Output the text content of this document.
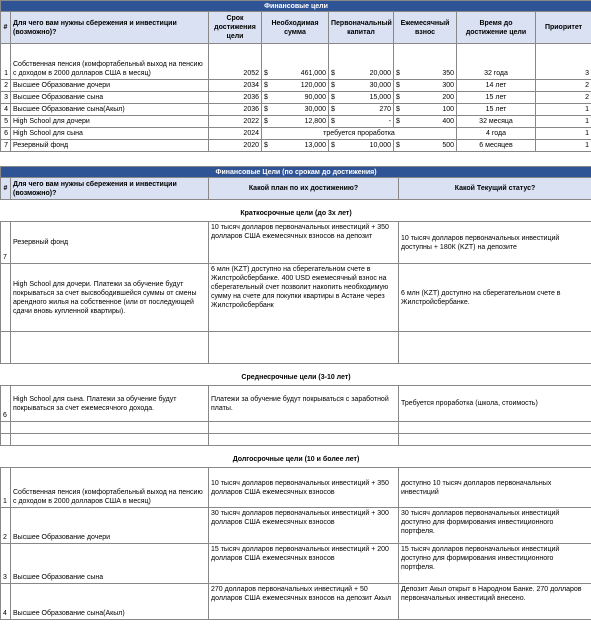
Финансовые цели							
#	Для чего вам нужны сбережения и инвестиции (возможно)?	Срок достижения цели	Необходимая сумма	Первоначальный капитал	Ежемесячный взнос	Время до достижение цели	Приоритет
1	Собственная пенсия (комфортабельный выход на пенсию с доходом в 2000 долларов США в месяц)	2052	$ 461,000	$ 20,000	$ 350	32 года	3
2	Высшее Образование дочери	2034	$ 120,000	$ 30,000	$ 300	14 лет	2
3	Высшее Образование сына	2036	$ 90,000	$ 15,000	$ 200	15 лет	2
4	Высшее Образование сына(Акыл)	2036	$ 30,000	$ 270	$ 100	15 лет	1
5	High School для дочери	2022	$ 12,800	$ -	$ 400	32 месяца	1
6	High School для сына	2024	требуется проработка			4 года	1
7	Резервный фонд	2020	$ 13,000	$ 10,000	$ 500	6 месяцев	1
Финансовые Цели (по срокам до достижения)			
#	Для чего вам нужны сбережения и инвестиции (возможно)?	Какой план по их достижению?	Какой Текущий статус?

Краткосрочные цели (до 3х лет)			
7	Резервный фонд	10 тысяч долларов первоначальных инвестиций + 350 долларов США ежемесячных взносов на депозит	10 тысяч долларов первоначальных инвестиций доступны + 180К (KZT) на депозите
	High School для дочери. Платежи за обучение будут покрываться за счет высвободившейся суммы от смены арендного жилья на собственное (или от последующей сдачи вновь купленной квартиры).	6 млн (KZT) доступно на сберегательном счете в Жилстройсбербанке. 400 USD ежемесячный взнос на сберегательный счет позволит накопить необходимую сумму на счете для покупки квартиры в Астане через Жилстройсбербанк	6 млн (KZT) доступно на сберегательном счете в Жилстройсбербанке.

Среднесрочные цели (3-10 лет)			
6	High School для сына. Платежи за обучение будут покрываться за счет ежемесячного дохода.	Платежи за обучение будут покрываться с заработной платы.	Требуется проработка (школа, стоимость)

Долгосрочные цели (10 и более лет)			
1	Собственная пенсия (комфортабельный выход на пенсию с доходом в 2000 долларов США в месяц)	10 тысяч долларов первоначальных инвестиций + 350 долларов США ежемесячных взносов	доступно 10 тысяч долларов первоначальных инвестиций
2	Высшее Образование дочери	30 тысяч долларов первоначальных инвестиций + 300 долларов США ежемесячных взносов	30 тысяч долларов первоначальных инвестиций доступно для формирования инвестиционного портфеля.
3	Высшее Образование сына	15 тысяч долларов первоначальных инвестиций + 200 долларов США ежемесячных взносов	15 тысяч долларов первоначальных инвестиций доступно для формирования инвестиционного портфеля.
4	Высшее Образование сына(Акыл)	270 долларов первоначальных инвестиций + 50 долларов США ежемесячных взносов на депозит Акыл	Депозит Акыл открыт в Народном Банке. 270 долларов первоначальных инвестиций внесено.
